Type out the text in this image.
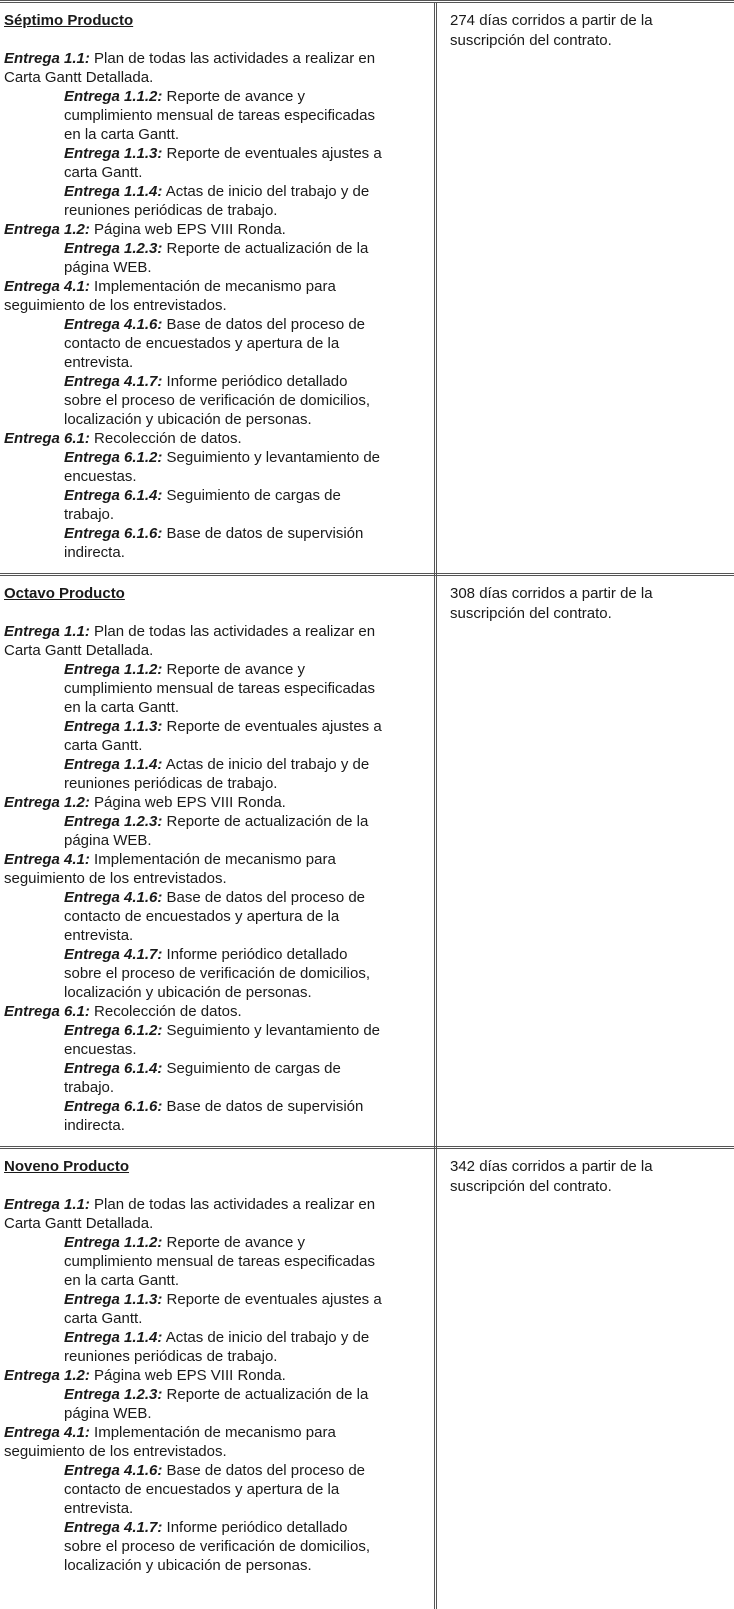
Séptimo Producto
Entrega 1.1: Plan de todas las actividades a realizar en
Carta Gantt Detallada.
Entrega 1.1.2: Reporte de avance y
cumplimiento mensual de tareas especificadas
en la carta Gantt.
Entrega 1.1.3: Reporte de eventuales ajustes a
carta Gantt.
Entrega 1.1.4: Actas de inicio del trabajo y de
reuniones periódicas de trabajo.
Entrega 1.2: Página web EPS VIII Ronda.
Entrega 1.2.3: Reporte de actualización de la
página WEB.
Entrega 4.1: Implementación de mecanismo para
seguimiento de los entrevistados.
Entrega 4.1.6: Base de datos del proceso de
contacto de encuestados y apertura de la
entrevista.
Entrega 4.1.7: Informe periódico detallado
sobre el proceso de verificación de domicilios,
localización y ubicación de personas.
Entrega 6.1: Recolección de datos.
Entrega 6.1.2: Seguimiento y levantamiento de
encuestas.
Entrega 6.1.4: Seguimiento de cargas de
trabajo.
Entrega 6.1.6: Base de datos de supervisión
indirecta.
274 días corridos a partir de la suscripción del contrato.
Octavo Producto
Entrega 1.1: Plan de todas las actividades a realizar en
Carta Gantt Detallada.
Entrega 1.1.2: Reporte de avance y
cumplimiento mensual de tareas especificadas
en la carta Gantt.
Entrega 1.1.3: Reporte de eventuales ajustes a
carta Gantt.
Entrega 1.1.4: Actas de inicio del trabajo y de
reuniones periódicas de trabajo.
Entrega 1.2: Página web EPS VIII Ronda.
Entrega 1.2.3: Reporte de actualización de la
página WEB.
Entrega 4.1: Implementación de mecanismo para
seguimiento de los entrevistados.
Entrega 4.1.6: Base de datos del proceso de
contacto de encuestados y apertura de la
entrevista.
Entrega 4.1.7: Informe periódico detallado
sobre el proceso de verificación de domicilios,
localización y ubicación de personas.
Entrega 6.1: Recolección de datos.
Entrega 6.1.2: Seguimiento y levantamiento de
encuestas.
Entrega 6.1.4: Seguimiento de cargas de
trabajo.
Entrega 6.1.6: Base de datos de supervisión
indirecta.
308 días corridos a partir de la suscripción del contrato.
Noveno Producto
Entrega 1.1: Plan de todas las actividades a realizar en
Carta Gantt Detallada.
Entrega 1.1.2: Reporte de avance y
cumplimiento mensual de tareas especificadas
en la carta Gantt.
Entrega 1.1.3: Reporte de eventuales ajustes a
carta Gantt.
Entrega 1.1.4: Actas de inicio del trabajo y de
reuniones periódicas de trabajo.
Entrega 1.2: Página web EPS VIII Ronda.
Entrega 1.2.3: Reporte de actualización de la
página WEB.
Entrega 4.1: Implementación de mecanismo para
seguimiento de los entrevistados.
Entrega 4.1.6: Base de datos del proceso de
contacto de encuestados y apertura de la
entrevista.
Entrega 4.1.7: Informe periódico detallado
sobre el proceso de verificación de domicilios,
localización y ubicación de personas.
342 días corridos a partir de la suscripción del contrato.
